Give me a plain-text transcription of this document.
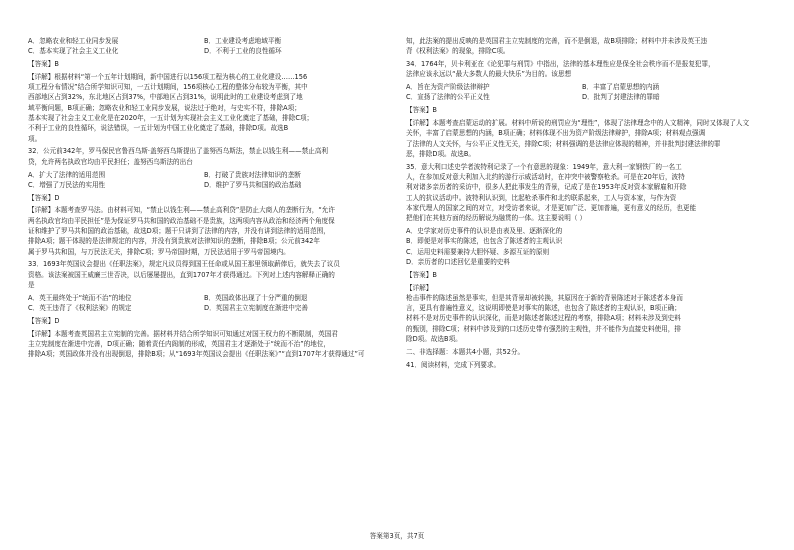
A．忽略农业和轻工业同步发展	B．工业建设考虑地域平衡
C．基本实现了社会主义工业化	D．不利于工业的良性循环

【答案】B

【详解】根据材料“第一个五年计划期间，新中国进行以156项工程为核心的工业化建设……156

项工程分布情况”结合所学知识可知，一五计划期间，156项核心工程的整体分布较为平衡，其中

西部地区占到32%，东北地区占到37%，中部地区占到31%，说明此时的工业建设考虑到了地

域平衡问题，B项正确；忽略农业和轻工业同步发展，说法过于绝对，与史实不符，排除A项；

基本实现了社会主义工业化是在2020年，一五计划为实现社会主义工业化奠定了基础，排除C项；

不利于工业的良性循环，说法错误，一五计划为中国工业化奠定了基础，排除D项。故选B

项。

32．公元前342年，罗马保民官鲁西乌斯·盖努西乌斯提出了盖努西乌斯法，禁止以钱生利——禁止高利

贷，允许两名执政官均由平民担任；盖努西乌斯法的出台

A．扩大了法律的适用范围	B．打破了贵族对法律知识的垄断
C．增强了万民法的实用性	D．维护了罗马共和国的政治基础

【答案】D

【详解】本题考查罗马法。由材料可知，“禁止以钱生利——禁止高利贷”是防止大商人的垄断行为，“允许

两名执政官均由平民担任”是为保证罗马共和国的政治基础不是贵族，这两项内容从政治和经济两个角度保

证和维护了罗马共和国的政治基础，故选D项；题干只讲到了法律的内容，并没有讲到法律的适用范围，

排除A项；题干体现的是法律规定的内容，并没有到贵族对法律知识的垄断，排除B项；公元前342年

属于罗马共和国，与万民法无关，排除C项；罗马帝国时期，万民法适用于罗马帝国境内。

33．1693年英国议会提出《任职法案》，规定凡议员得到国王任命或从国王那里领取薪俸后，就失去了议员

资格。该法案被国王威廉三世否决，以后屡屡提出，直到1707年才获得通过。下列对上述内容解释正确的

是

A．英王最终处于“统而不治”的地位	B．英国政体出现了十分严重的倒退
C．英王违背了《权利法案》的规定	D．英国君主立宪制度在渐进中完善

【答案】D

【详解】本题考查英国君主立宪制的完善。据材料并结合所学知识可知通过对国王权力的不断限制，英国君

主立宪制度在渐进中完善，D项正确；随着责任内阁制的形成，英国君主才逐渐处于“统而不治”的地位，

排除A项；英国政体并没有出现倒退，排除B项；从“1693年英国议会提出《任职法案》”“直到1707年才获得通过”可

知，此法案的提出反映的是英国君主立宪制度的完善，而不是倒退，故B项排除；材料中并未涉及英王违

背《权利法案》的现象，排除C项。

34．1764年，贝卡利亚在《论犯罪与刑罚》中指出，法律的基本理性应是保全社会秩序而不是报复犯罪，

法律应该永远以“最大多数人的最大快乐”为目的。该思想

A．旨在为资产阶级法律辩护	B．丰富了启蒙思想的内涵
C．宣扬了法律的公平正义性	D．批判了封建法律的罪暗

【答案】B

【详解】本题考查启蒙运动的扩展。材料中所说的刑罚应为“理性”，体现了法律理念中的人文精神，同时又体现了人文

关怀，丰富了启蒙思想的内涵，B项正确；材料体现不出为资产阶级法律辩护，排除A项；材料观点强调

了法律的人文关怀，与公平正义性无关，排除C项；材料强调的是法律应体现的精神，并非批判封建法律的罪

恶，排除D项。故选B。

35．意大利口述史学者波特利记录了一个有意思的现象：1949年，意大利一家钢铁厂的一名工

人，在参加反对意大利加入北约的游行示威活动时，在冲突中被警察枪杀。可是在20年后，波特

利对诸多亲历者的采访中，很多人把此事发生的背景，记成了是在1953年反对资本家解雇和开除

工人的抗议活动中。波特利认识到，比起枪杀事件和北约联系起来，工人与资本家，与作为资

本家代理人的国家之间的对立，对受访者来说，才是更加广泛、更加普遍，更有意义的经历，也更能

把他们在其他方面的经历解说为融贯的一体。这主要说明（ ）

A．史学家对历史事件的认识是由表及里、逐渐深化的

B．即便是对事实的陈述，也包含了陈述者的主观认识

C．运用史料需要兼持大胆怀疑、多源互证的原则

D．亲历者的口述回忆是重要的史料

【答案】B

【详解】

枪击事件的陈述虽然是事实，但是其背景却被转换，其原因在于新的背景陈述对于陈述者本身而

言，更具有普遍性意义，这说明即使是对事实的陈述，也包含了陈述者的主观认识，B项正确；

材料不是对历史事件的认识深化，而是对陈述者陈述过程的考察，排除A项；材料未涉及到史料

的甄别，排除C项；材料中涉及到的口述历史带有强烈的主观性，并不能作为直接史料使用，排

除D项。故选B项。

二、非选择题：本题共4小题，共52分。

41．阅读材料，完成下列要求。

答案第3页，共7页
